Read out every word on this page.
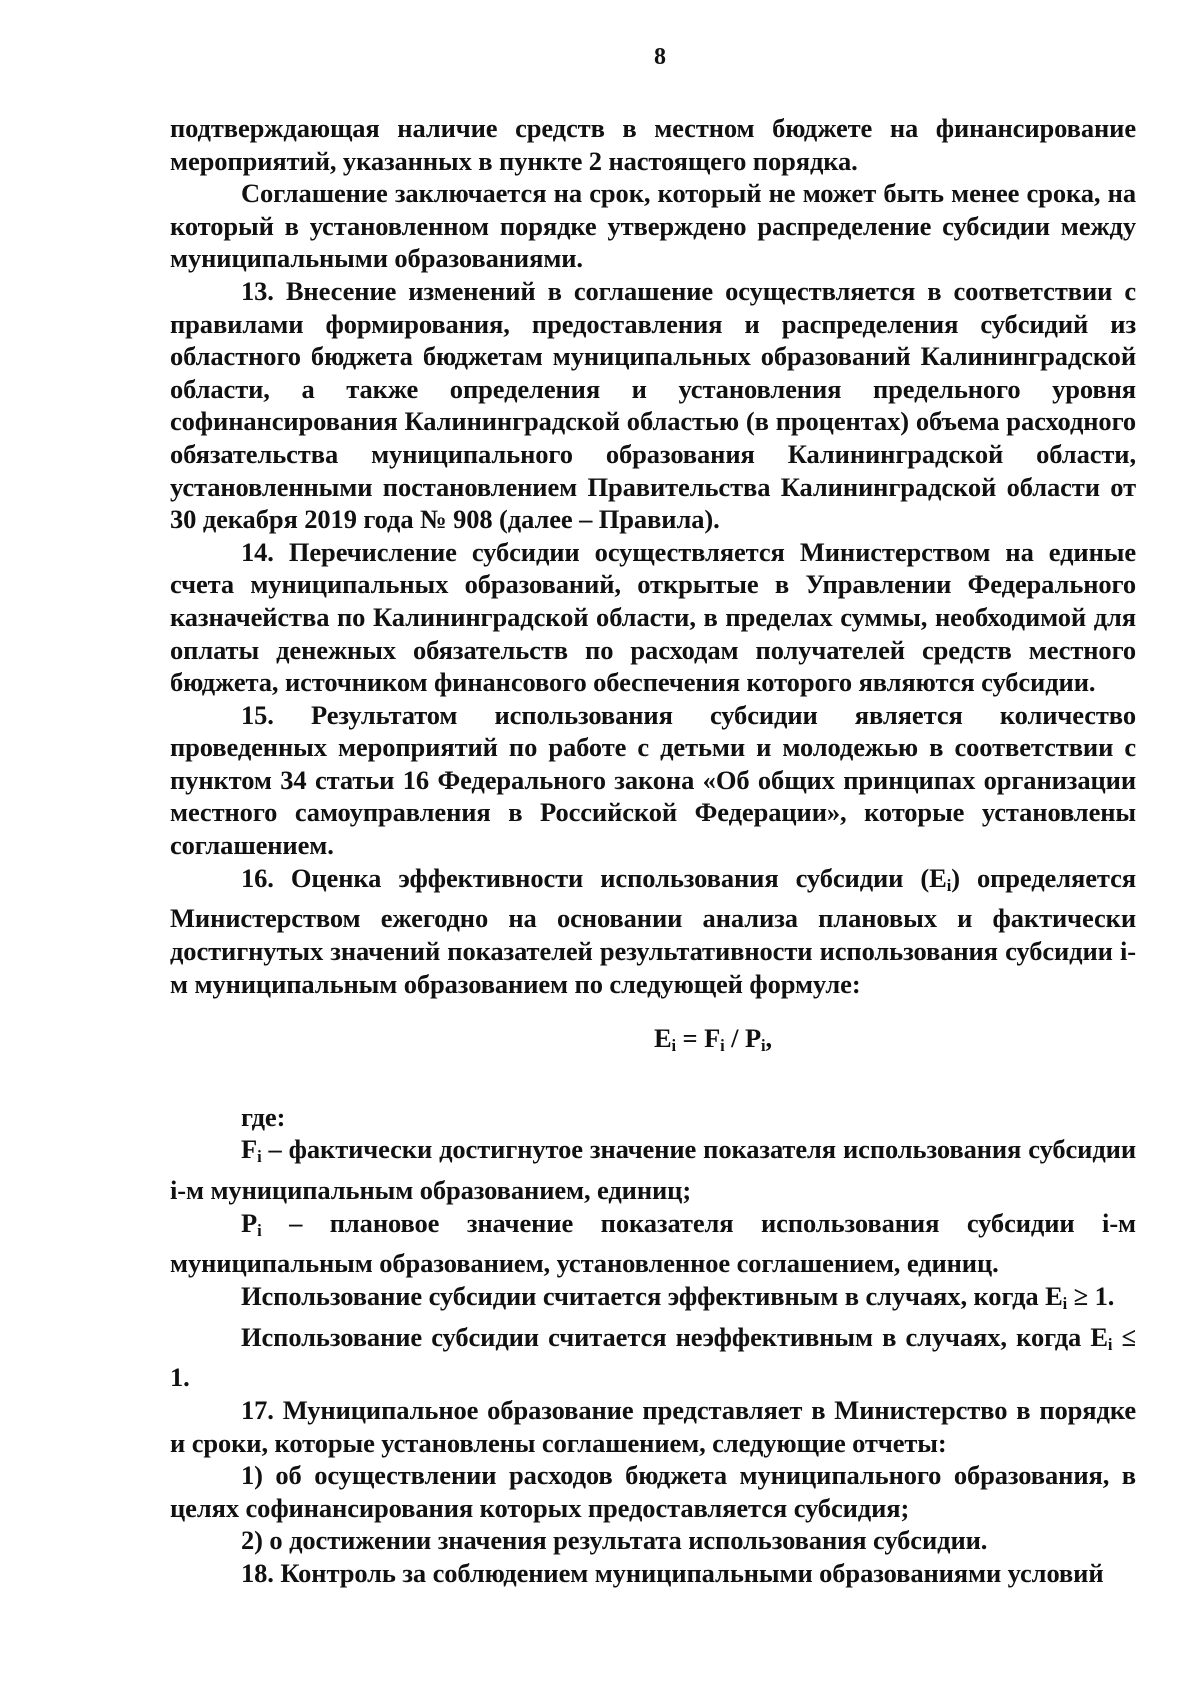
8

подтверждающая наличие средств в местном бюджете на финансирование мероприятий, указанных в пункте 2 настоящего порядка.

Соглашение заключается на срок, который не может быть менее срока, на который в установленном порядке утверждено распределение субсидии между муниципальными образованиями.

13. Внесение изменений в соглашение осуществляется в соответствии с правилами формирования, предоставления и распределения субсидий из областного бюджета бюджетам муниципальных образований Калининградской области, а также определения и установления предельного уровня софинансирования Калининградской областью (в процентах) объема расходного обязательства муниципального образования Калининградской области, установленными постановлением Правительства Калининградской области от 30 декабря 2019 года № 908 (далее – Правила).

14. Перечисление субсидии осуществляется Министерством на единые счета муниципальных образований, открытые в Управлении Федерального казначейства по Калининградской области, в пределах суммы, необходимой для оплаты денежных обязательств по расходам получателей средств местного бюджета, источником финансового обеспечения которого являются субсидии.

15. Результатом использования субсидии является количество проведенных мероприятий по работе с детьми и молодежью в соответствии с пунктом 34 статьи 16 Федерального закона «Об общих принципах организации местного самоуправления в Российской Федерации», которые установлены соглашением.

16. Оценка эффективности использования субсидии $(E_i)$ определяется Министерством ежегодно на основании анализа плановых и фактически достигнутых значений показателей результативности использования субсидии i-м муниципальным образованием по следующей формуле:

$E_i = F_i / P_i$,

где:

$F_i$ – фактически достигнутое значение показателя использования субсидии i-м муниципальным образованием, единиц;

$P_i$ – плановое значение показателя использования субсидии i-м муниципальным образованием, установленное соглашением, единиц.

Использование субсидии считается эффективным в случаях, когда $E_i \ge 1$.

Использование субсидии считается неэффективным в случаях, когда $E_i \le 1$.

17. Муниципальное образование представляет в Министерство в порядке и сроки, которые установлены соглашением, следующие отчеты:

1) об осуществлении расходов бюджета муниципального образования, в целях софинансирования которых предоставляется субсидия;

2) о достижении значения результата использования субсидии.

18. Контроль за соблюдением муниципальными образованиями условий
